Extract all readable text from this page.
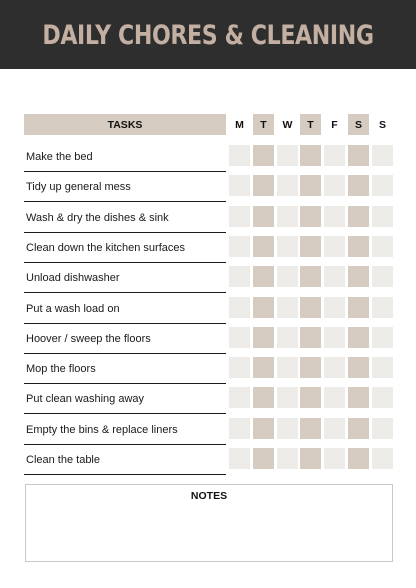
DAILY CHORES & CLEANING
TASKS	M	T	W	T	F	S	S
Make the bed
Tidy up general mess
Wash & dry the dishes & sink
Clean down the kitchen surfaces
Unload dishwasher
Put a wash load on
Hoover / sweep the floors
Mop the floors
Put clean washing away
Empty the bins & replace liners
Clean the table
NOTES
